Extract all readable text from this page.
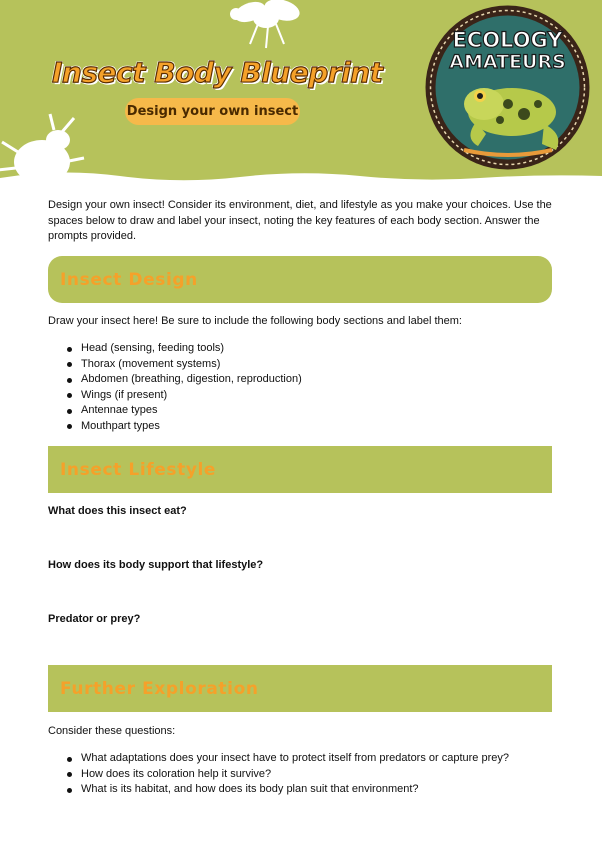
Insect Body Blueprint
Design your own insect
ECOLOGY
AMATEURS

Design your own insect! Consider its environment, diet, and lifestyle as you make your choices. Use the spaces below to draw and label your insect, noting the key features of each body section. Answer the prompts provided.

Insect Design

Draw your insect here! Be sure to include the following body sections and label them:

Head (sensing, feeding tools)
Thorax (movement systems)
Abdomen (breathing, digestion, reproduction)
Wings (if present)
Antennae types
Mouthpart types
Insect Lifestyle

What does this insect eat?

How does its body support that lifestyle?

Predator or prey?

Further Exploration

Consider these questions:

What adaptations does your insect have to protect itself from predators or capture prey?
How does its coloration help it survive?
What is its habitat, and how does its body plan suit that environment?
